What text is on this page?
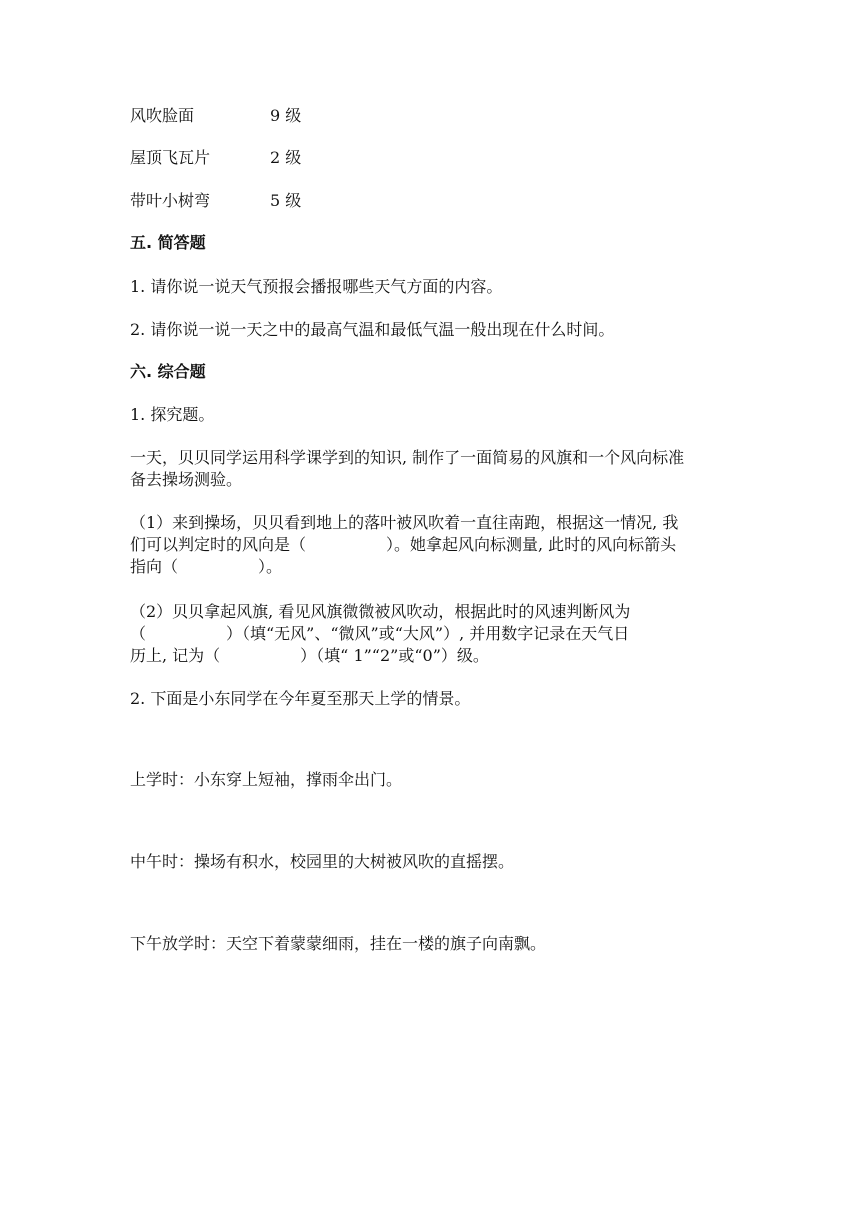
风吹脸面	9 级
屋顶飞瓦片	2 级
带叶小树弯	5 级
五. 简答题
1. 请你说一说天气预报会播报哪些天气方面的内容。
2. 请你说一说一天之中的最高气温和最低气温一般出现在什么时间。
六. 综合题
1. 探究题。
一天，贝贝同学运用科学课学到的知识, 制作了一面简易的风旗和一个风向标准
备去操场测验。
（1）来到操场，贝贝看到地上的落叶被风吹着一直往南跑，根据这一情况, 我
们可以判定时的风向是（　　　　　）。她拿起风向标测量, 此时的风向标箭头
指向（　　　　　）。
（2）贝贝拿起风旗, 看见风旗微微被风吹动，根据此时的风速判断风为
（　　　　　）（填“无风”、“微风”或“大风”）, 并用数字记录在天气日
历上, 记为（　　　　　）（填“ 1”“2”或“0”）级。
2. 下面是小东同学在今年夏至那天上学的情景。
上学时：小东穿上短袖，撑雨伞出门。
中午时：操场有积水，校园里的大树被风吹的直摇摆。
下午放学时：天空下着蒙蒙细雨，挂在一楼的旗子向南飘。
